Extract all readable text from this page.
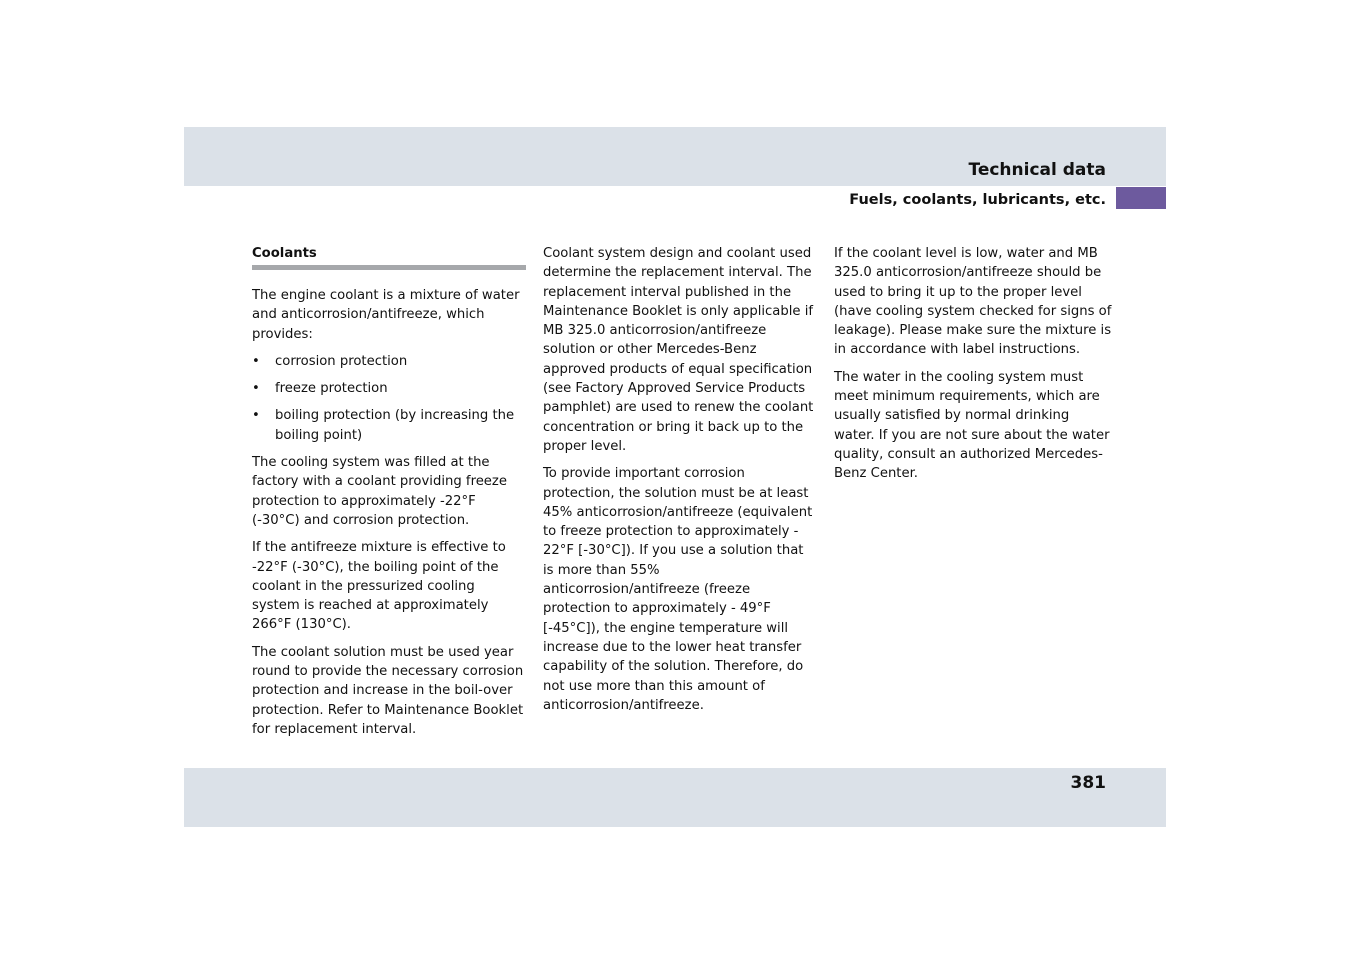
Technical data
Fuels, coolants, lubricants, etc.
Coolants

The engine coolant is a mixture of water and anticorrosion/antifreeze, which provides:

• corrosion protection
• freeze protection
• boiling protection (by increasing the boiling point)

The cooling system was filled at the factory with a coolant providing freeze protection to approximately -22°F (-30°C) and corrosion protection.

If the antifreeze mixture is effective to -22°F (-30°C), the boiling point of the coolant in the pressurized cooling system is reached at approximately 266°F (130°C).

The coolant solution must be used year round to provide the necessary corrosion protection and increase in the boil-over protection. Refer to Maintenance Booklet for replacement interval.

Coolant system design and coolant used determine the replacement interval. The replacement interval published in the Maintenance Booklet is only applicable if MB 325.0 anticorrosion/antifreeze solution or other Mercedes-Benz approved products of equal specification (see Factory Approved Service Products pamphlet) are used to renew the coolant concentration or bring it back up to the proper level.

To provide important corrosion protection, the solution must be at least 45% anticorrosion/antifreeze (equivalent to freeze protection to approximately - 22°F [-30°C]). If you use a solution that is more than 55% anticorrosion/antifreeze (freeze protection to approximately - 49°F [-45°C]), the engine temperature will increase due to the lower heat transfer capability of the solution. Therefore, do not use more than this amount of anticorrosion/antifreeze.

If the coolant level is low, water and MB 325.0 anticorrosion/antifreeze should be used to bring it up to the proper level (have cooling system checked for signs of leakage). Please make sure the mixture is in accordance with label instructions.

The water in the cooling system must meet minimum requirements, which are usually satisfied by normal drinking water. If you are not sure about the water quality, consult an authorized Mercedes-Benz Center.

381
